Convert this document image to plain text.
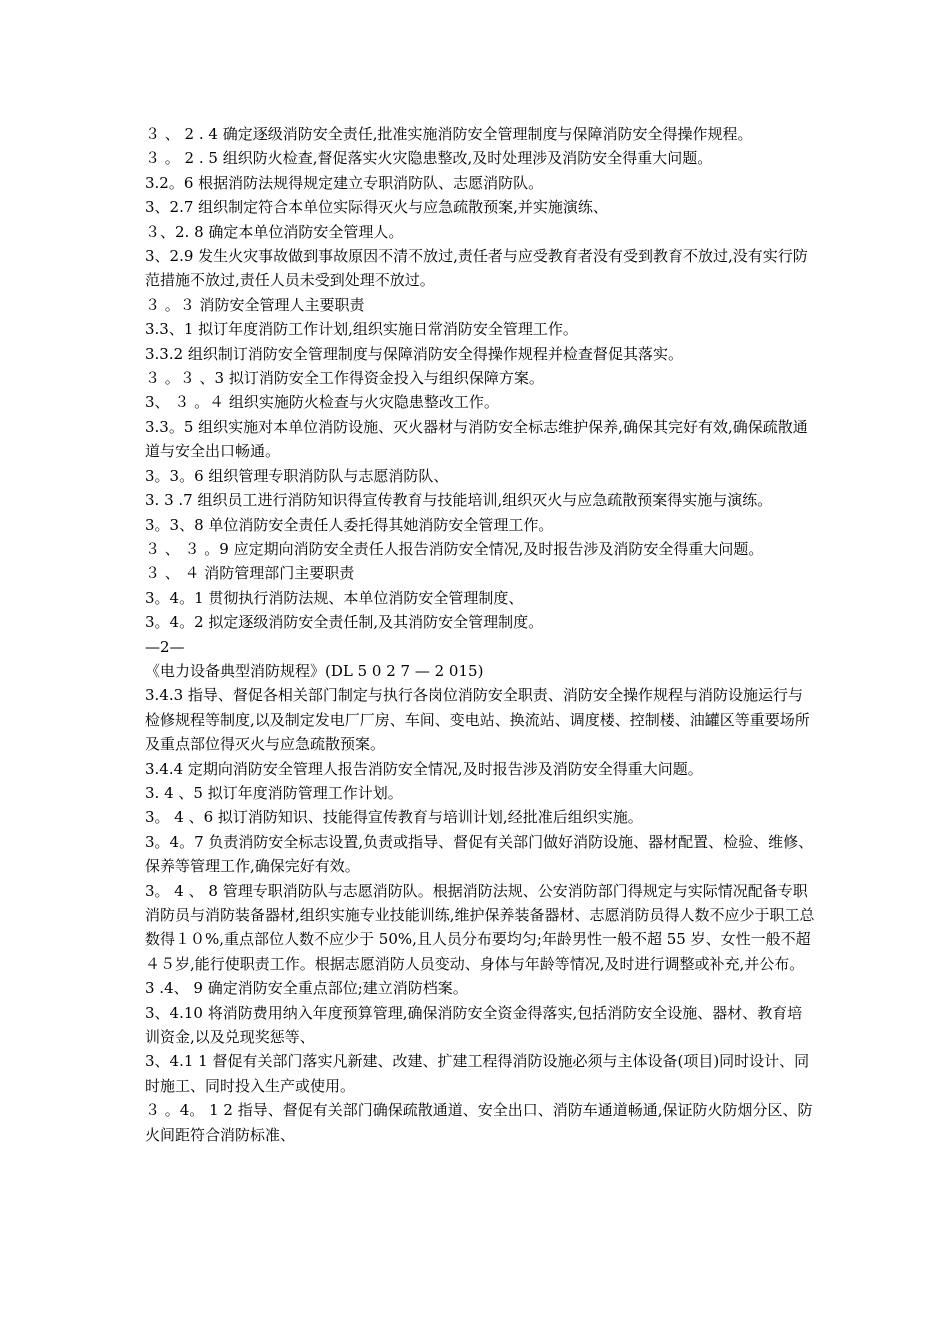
３ 、 2 . 4 确定逐级消防安全责任,批准实施消防安全管理制度与保障消防安全得操作规程。

３ 。 2 . 5 组织防火检查,督促落实火灾隐患整改,及时处理涉及消防安全得重大问题。

3.2。6 根据消防法规得规定建立专职消防队、志愿消防队。

3、2.7 组织制定符合本单位实际得灭火与应急疏散预案,并实施演练、

３、2. 8 确定本单位消防安全管理人。

3、2.9 发生火灾事故做到事故原因不清不放过,责任者与应受教育者没有受到教育不放过,没有实行防范措施不放过,责任人员未受到处理不放过。

３ 。３ 消防安全管理人主要职责

3.3、1 拟订年度消防工作计划,组织实施日常消防安全管理工作。

3.3.2 组织制订消防安全管理制度与保障消防安全得操作规程并检查督促其落实。

３ 。３ 、3 拟订消防安全工作得资金投入与组织保障方案。

3、 ３ 。４ 组织实施防火检查与火灾隐患整改工作。

3.3。5 组织实施对本单位消防设施、灭火器材与消防安全标志维护保养,确保其完好有效,确保疏散通道与安全出口畅通。

3。3。6 组织管理专职消防队与志愿消防队、

3. 3 .7 组织员工进行消防知识得宣传教育与技能培训,组织灭火与应急疏散预案得实施与演练。

3。3、8 单位消防安全责任人委托得其她消防安全管理工作。

３ 、 ３ 。9 应定期向消防安全责任人报告消防安全情况,及时报告涉及消防安全得重大问题。

３ 、 ４ 消防管理部门主要职责

3。4。1 贯彻执行消防法规、本单位消防安全管理制度、

3。4。2 拟定逐级消防安全责任制,及其消防安全管理制度。

—2—

《电力设备典型消防规程》(DL 5 0 2 7 — 2 015)

3.4.3 指导、督促各相关部门制定与执行各岗位消防安全职责、消防安全操作规程与消防设施运行与检修规程等制度,以及制定发电厂厂房、车间、变电站、换流站、调度楼、控制楼、油罐区等重要场所及重点部位得灭火与应急疏散预案。

3.4.4 定期向消防安全管理人报告消防安全情况,及时报告涉及消防安全得重大问题。

3. 4 、5 拟订年度消防管理工作计划。

3。 4 、6 拟订消防知识、技能得宣传教育与培训计划,经批准后组织实施。

3。4。7 负责消防安全标志设置,负责或指导、督促有关部门做好消防设施、器材配置、检验、维修、保养等管理工作,确保完好有效。

3。 4 、 8 管理专职消防队与志愿消防队。根据消防法规、公安消防部门得规定与实际情况配备专职消防员与消防装备器材,组织实施专业技能训练,维护保养装备器材、志愿消防员得人数不应少于职工总数得１０%,重点部位人数不应少于 50%,且人员分布要均匀;年龄男性一般不超 55 岁、女性一般不超４５岁,能行使职责工作。根据志愿消防人员变动、身体与年龄等情况,及时进行调整或补充,并公布。

3 .4、 9 确定消防安全重点部位;建立消防档案。

3、4.10 将消防费用纳入年度预算管理,确保消防安全资金得落实,包括消防安全设施、器材、教育培训资金,以及兑现奖惩等、

3、4.1 1 督促有关部门落实凡新建、改建、扩建工程得消防设施必须与主体设备(项目)同时设计、同时施工、同时投入生产或使用。

３ 。4。 1 2 指导、督促有关部门确保疏散通道、安全出口、消防车通道畅通,保证防火防烟分区、防火间距符合消防标准、
